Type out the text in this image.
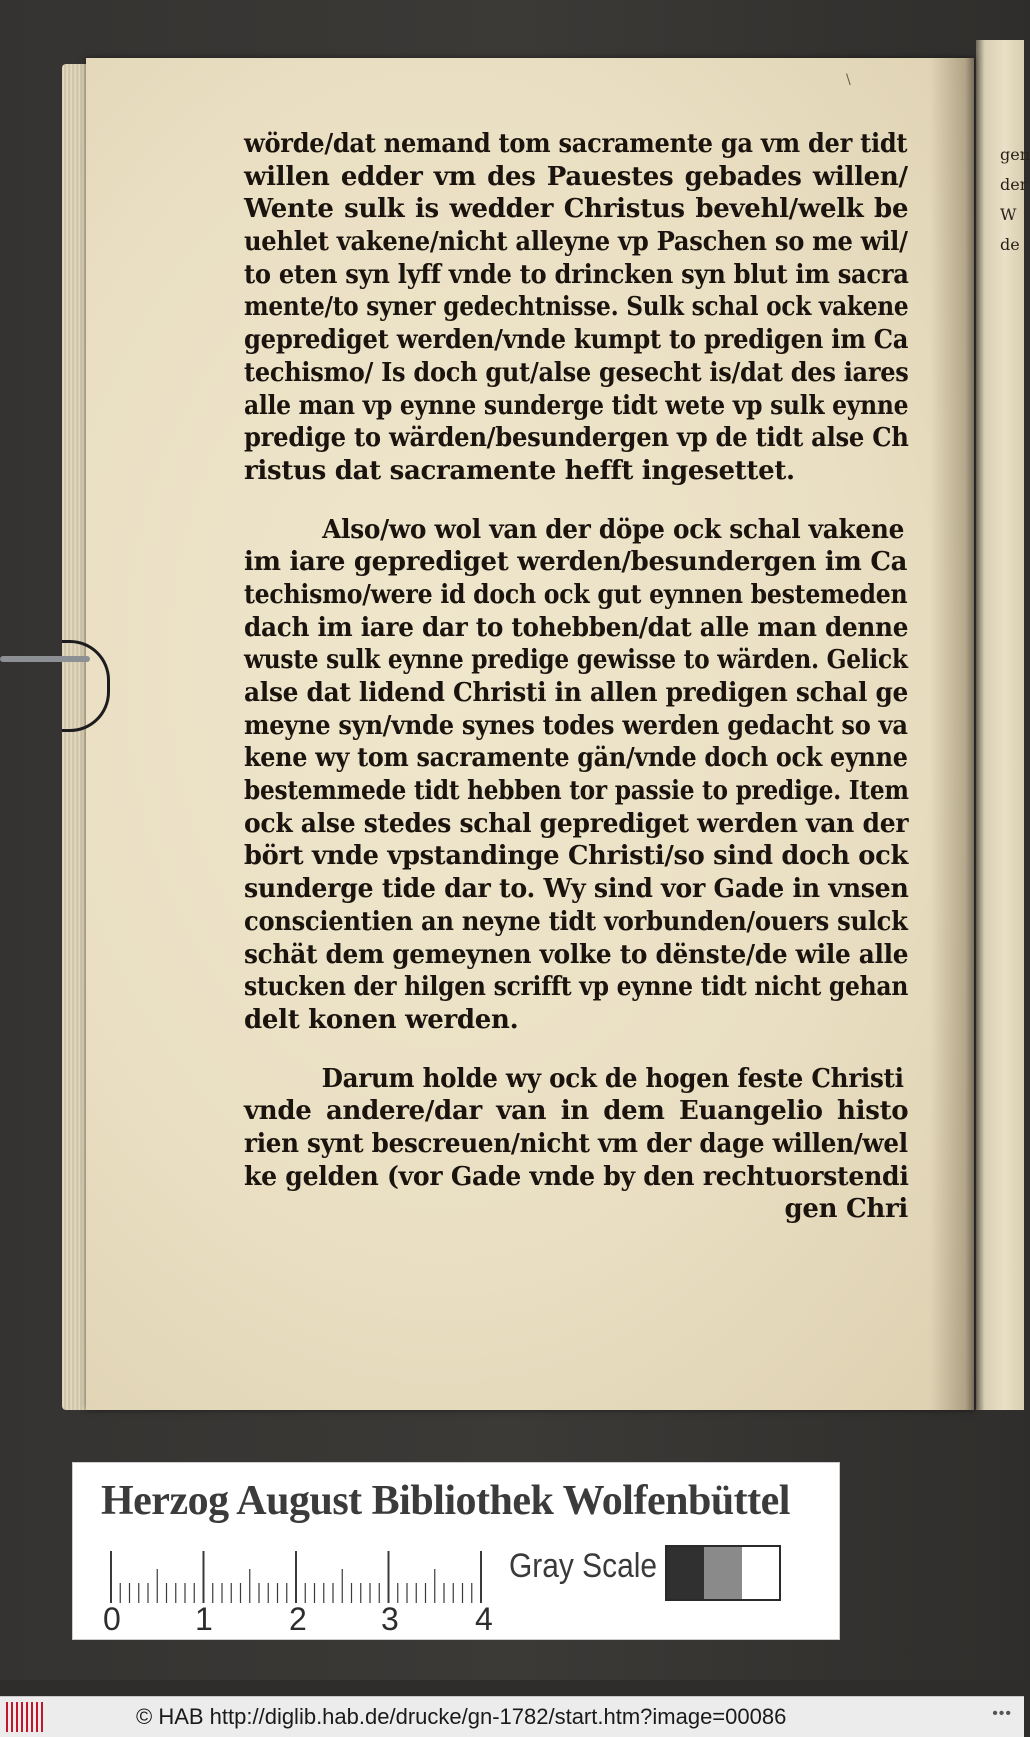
gen
der
W
de
\
wörde/dat nemand tom sacramente ga vm der tidt
willen edder vm des Pauestes gebades willen/
Wente sulk is wedder Christus bevehl/welk be
uehlet vakene/nicht alleyne vp Paschen so me wil/
to eten syn lyff vnde to drincken syn blut im sacra
mente/to syner gedechtnisse. Sulk schal ock vakene
geprediget werden/vnde kumpt to predigen im Ca
techismo/ Is doch gut/alse gesecht is/dat des iares
alle man vp eynne sunderge tidt wete vp sulk eynne
predige to wärden/besundergen vp de tidt alse Ch
ristus dat sacramente hefft ingesettet.
Also/wo wol van der döpe ock schal vakene
im iare geprediget werden/besundergen im Ca
techismo/were id doch ock gut eynnen bestemeden
dach im iare dar to tohebben/dat alle man denne
wuste sulk eynne predige gewisse to wärden. Gelick
alse dat lidend Christi in allen predigen schal ge
meyne syn/vnde synes todes werden gedacht so va
kene wy tom sacramente gän/vnde doch ock eynne
bestemmede tidt hebben tor passie to predige. Item
ock alse stedes schal geprediget werden van der
bört vnde vpstandinge Christi/so sind doch ock
sunderge tide dar to. Wy sind vor Gade in vnsen
conscientien an neyne tidt vorbunden/ouers sulck
schät dem gemeynen volke to dënste/de wile alle
stucken der hilgen scrifft vp eynne tidt nicht gehan
delt konen werden.
Darum holde wy ock de hogen feste Christi
vnde andere/dar van in dem Euangelio histo
rien synt bescreuen/nicht vm der dage willen/wel
ke gelden (vor Gade vnde by den rechtuorstendi
gen Chri
Herzog August Bibliothek Wolfenbüttel
0 1 2 3 4
Gray Scale
© HAB http://diglib.hab.de/drucke/gn-1782/start.htm?image=00086	•••
